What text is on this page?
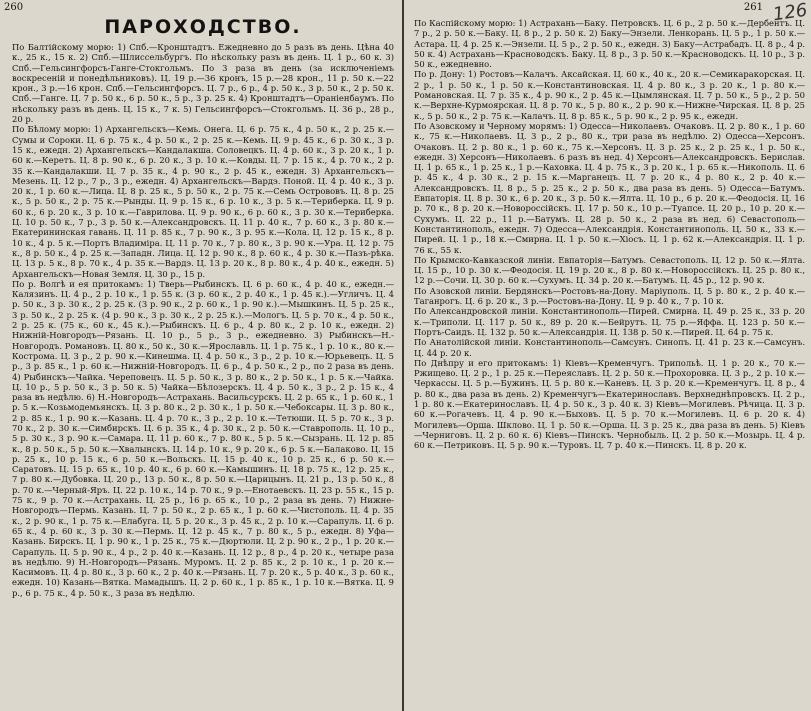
260
ПАРОХОДСТВО.

По Балтійскому морю: 1) Спб.—Кронштадтъ. Ежедневно до 5 разъ въ день. Цѣна 40 к., 25 к., 15 к. 2) Спб.—Шлиссельбургъ. По нѣскольку разъ въ день. Ц. 1 р., 60 к. 3) Спб.—Гельсингфорсъ-Ганге-Стокгольмъ. По 3 раза въ день (за исключеніемъ воскресеній и понедѣльниковъ). Ц. 19 р.—36 кронъ, 15 р.—28 крон., 11 р. 50 к.—22 крон., 3 р.—16 крон. Спб.—Гельсингфорсъ. Ц. 7 р., 6 р., 4 р. 50 к., 3 р. 50 к., 2 р. 50 к. Спб.—Ганге. Ц. 7 р. 50 к., 6 р. 50 к., 5 р., 3 р. 25 к. 4) Кронштадтъ—Ораніенбаумъ. По нѣскольку разъ въ день. Ц. 15 к., 7 к. 5) Гельсингфорсъ—Стокгольмъ. Ц. 36 р., 28 р., 20 р.

По Бѣлому морю: 1) Архангельскъ—Кемь. Онега. Ц. 6 р. 75 к., 4 р. 50 к., 2 р. 25 к.—Сумы и Сороки. Ц. 6 р. 75 к., 4 р. 50 к., 2 р. 25 к.—Кемь. Ц. 9 р. 45 к., 6 р. 30 к., 3 р. 15 к., ежедн. 2) Архангельскъ—Кандалакша. Соловецкъ. Ц. 4 р. 60 к., 3 р. 20 к., 1 р. 60 к.—Керетъ. Ц. 8 р. 90 к., 6 р. 20 к., 3 р. 10 к.—Ковды. Ц. 7 р. 15 к., 4 р. 70 к., 2 р. 35 к.—Кандалакши. Ц. 7 р. 35 к., 4 р. 90 к., 2 р. 45 к., ежедн. 3) Архангельскъ—Мезень. Ц. 12 р., 7 р., 3 р., ежедн. 4) Архангельскъ—Вардэ. Поной. Ц. 4 р. 40 к., 3 р. 20 к., 1 р. 60 к.—Лица. Ц. 8 р. 25 к., 5 р. 50 к., 2 р. 75 к.—Семь Острововъ. Ц. 8 р. 25 к., 5 р. 50 к., 2 р. 75 к.—Рынды. Ц. 9 р. 15 к., 6 р. 10 к., 3 р. 5 к.—Териберка. Ц. 9 р. 60 к., 6 р. 20 к., 3 р. 10 к.—Гаврилова. Ц. 9 р. 90 к., 6 р. 60 к., 3 р. 30 к.—Териберка. Ц. 10 р. 50 к., 7 р., 3 р. 50 к.—Александровскъ. Ц. 11 р. 40 к., 7 р. 60 к., 3 р. 80 к.—Екатерининская гавань. Ц. 11 р. 85 к., 7 р. 90 к., 3 р. 95 к.—Кола. Ц. 12 р. 15 к., 8 р. 10 к., 4 р. 5 к.—Портъ Владиміра. Ц. 11 р. 70 к., 7 р. 80 к., 3 р. 90 к.—Ура. Ц. 12 р. 75 к., 8 р. 50 к., 4 р. 25 к.—Западн. Лица. Ц. 12 р. 90 к., 8 р. 60 к., 4 р. 30 к.—Пазъ-рѣка. Ц. 13 р. 5 к., 8 р. 70 к., 4 р. 35 к.—Вардэ. Ц. 13 р. 20 к., 8 р. 80 к., 4 р. 40 к., ежедн. 5) Архангельскъ—Новая Земля. Ц. 30 р., 15 р.

По р. Волгѣ и ея притокамъ: 1) Тверь—Рыбинскъ. Ц. 6 р. 60 к., 4 р. 40 к., ежедн.—Калязинъ. Ц. 4 р., 2 р. 10 к., 1 р. 55 к. (3 р. 60 к., 2 р. 40 к., 1 р. 45 к.).—Угличъ. Ц. 4 р. 50 к., 3 р. 30 к., 2 р. 25 к. (3 р. 90 к., 2 р. 60 к., 1 р. 90 к.).—Мышкинъ. Ц. 5 р. 25 к., 3 р. 50 к., 2 р. 25 к. (4 р. 90 к., 3 р. 30 к., 2 р. 25 к.).—Мологъ. Ц. 5 р. 70 к., 4 р. 50 к., 2 р. 25 к. (75 к., 60 к., 45 к.).—Рыбинскъ. Ц. 6 р., 4 р. 80 к., 2 р. 10 к., ежедн. 2) Нижній-Новгородъ—Рязань. Ц. 10 р., 5 р., 3 р., ежедневно. 3) Рыбинскъ—Н.-Новгородъ. Романовъ. Ц. 80 к., 50 к., 30 к.—Ярославль. Ц. 1 р. 75 к., 1 р. 10 к., 80 к.—Кострома. Ц. 3 р., 2 р. 90 к.—Кинешма. Ц. 4 р. 50 к., 3 р., 2 р. 10 к.—Юрьевецъ. Ц. 5 р., 3 р. 85 к., 1 р. 60 к.—Нижній-Новгородъ. Ц. 6 р., 4 р. 50 к., 2 р., по 2 раза въ день. 4) Рыбинскъ—Чайка. Череповецъ. Ц. 5 р. 50 к., 3 р. 80 к., 2 р. 50 к., 1 р. 5 к.—Чайка. Ц. 10 р., 5 р. 50 к., 3 р. 50 к. 5) Чайка—Бѣлозерскъ. Ц. 4 р. 50 к., 3 р., 2 р. 15 к., 4 раза въ недѣлю. 6) Н.-Новгородъ—Астрахань. Васильсурскъ. Ц. 2 р. 65 к., 1 р. 60 к., 1 р. 5 к.—Козьмодемьянскъ. Ц. 3 р. 80 к., 2 р. 30 к., 1 р. 50 к.—Чебоксары. Ц. 3 р. 80 к., 2 р. 85 к., 1 р. 90 к.—Казань. Ц. 4 р. 70 к., 3 р., 2 р. 10 к.—Тетюши. Ц. 5 р. 70 к., 3 р. 70 к., 2 р. 30 к.—Симбирскъ. Ц. 6 р. 35 к., 4 р. 30 к., 2 р. 50 к.—Ставрополь. Ц. 10 р., 5 р. 30 к., 3 р. 90 к.—Самара. Ц. 11 р. 60 к., 7 р. 80 к., 5 р. 5 к.—Сызрань. Ц. 12 р. 85 к., 8 р. 50 к., 5 р. 50 к.—Хвалынскъ. Ц. 14 р. 10 к., 9 р. 20 к., 6 р. 5 к.—Балаково. Ц. 15 р. 25 к., 10 р. 15 к., 6 р. 50 к.—Вольскъ. Ц. 15 р. 40 к., 10 р. 25 к., 6 р. 50 к.—Саратовъ. Ц. 15 р. 65 к., 10 р. 40 к., 6 р. 60 к.—Камышинъ. Ц. 18 р. 75 к., 12 р. 25 к., 7 р. 80 к.—Дубовка. Ц. 20 р., 13 р. 50 к., 8 р. 50 к.—Царицынъ. Ц. 21 р., 13 р. 50 к., 8 р. 70 к.—Черный-Яръ. Ц. 22 р. 10 к., 14 р. 70 к., 9 р.—Енотаевскъ. Ц. 23 р. 55 к., 15 р. 75 к., 9 р. 70 к.—Астрахань. Ц. 25 р., 16 р. 65 к., 10 р., 2 раза въ день. 7) Нижне-Новгородъ—Пермь. Казань. Ц. 7 р. 50 к., 2 р. 65 к., 1 р. 60 к.—Чистополь. Ц. 4 р. 35 к., 2 р. 90 к., 1 р. 75 к.—Елабуга. Ц. 5 р. 20 к., 3 р. 45 к., 2 р. 10 к.—Сарапуль. Ц. 6 р. 65 к., 4 р. 60 к., 3 р. 30 к.—Пермь. Ц. 12 р. 45 к., 7 р. 80 к., 5 р., ежедн. 8) Уфа—Казань. Бирскъ. Ц. 1 р. 90 к., 1 р. 25 к., 75 к.—Дюртюли. Ц. 2 р. 90 к., 2 р., 1 р. 20 к.—Сарапуль. Ц. 5 р. 90 к., 4 р., 2 р. 40 к.—Казань. Ц. 12 р., 8 р., 4 р. 20 к., четыре раза въ недѣлю. 9) Н.-Новгородъ—Рязань. Муромъ. Ц. 2 р. 85 к., 2 р. 10 к., 1 р. 20 к.—Касимовъ. Ц. 4 р. 80 к., 3 р. 60 к., 2 р. 40 к.—Рязань. Ц. 7 р. 20 к., 5 р. 40 к., 3 р. 60 к., ежедн. 10) Казань—Вятка. Мамадышъ. Ц. 2 р. 60 к., 1 р. 85 к., 1 р. 10 к.—Вятка. Ц. 9 р., 6 р. 75 к., 4 р. 50 к., 3 раза въ недѣлю.

261 126

По Каспійскому морю: 1) Астрахань—Баку. Петровскъ. Ц. 6 р., 2 р. 50 к.—Дербентъ. Ц. 7 р., 2 р. 50 к.—Баку. Ц. 8 р., 2 р. 50 к. 2) Баку—Энзели. Ленкорань. Ц. 5 р., 1 р. 50 к.—Астара. Ц. 4 р. 25 к.—Энзели. Ц. 5 р., 2 р. 50 к., ежедн. 3) Баку—Астрабадъ. Ц. 8 р., 4 р. 50 к. 4) Астрахань—Красноводскъ. Баку. Ц. 8 р., 3 р. 50 к.—Красноводскъ. Ц. 10 р., 3 р. 50 к., ежедневно.

По р. Дону: 1) Ростовъ—Калачъ. Аксайская. Ц. 60 к., 40 к., 20 к.—Семикаракорская. Ц. 2 р., 1 р. 50 к., 1 р. 50 к.—Константиновская. Ц. 4 р. 80 к., 3 р. 20 к., 1 р. 80 к.—Романовская. Ц. 7 р. 35 к., 4 р. 90 к., 2 р. 45 к.—Цымлянская. Ц. 7 р. 50 к., 5 р., 2 р. 50 к.—Верхне-Курмоярская. Ц. 8 р. 70 к., 5 р. 80 к., 2 р. 90 к.—Нижне-Чирская. Ц. 8 р. 25 к., 5 р. 50 к., 2 р. 75 к.—Калачъ. Ц. 8 р. 85 к., 5 р. 90 к., 2 р. 95 к., ежедн.

По Азовскому и Черному морямъ: 1) Одесса—Николаевъ. Очаковъ. Ц. 2 р. 80 к., 1 р. 60 к., 75 к.—Николаевъ. Ц. 3 р., 2 р., 80 к., три раза въ недѣлю. 2) Одесса—Херсонъ. Очаковъ. Ц. 2 р. 80 к., 1 р. 60 к., 75 к.—Херсонъ. Ц. 3 р. 25 к., 2 р. 25 к., 1 р. 50 к., ежедн. 3) Херсонъ—Николаевъ. 6 разъ въ нед. 4) Херсонъ—Александровскъ. Берислав. Ц. 1 р. 65 к., 1 р. 25 к., 1 р.—Каховка. Ц. 4 р. 75 к., 3 р. 20 к., 1 р. 65 к.—Никополь. Ц. 6 р. 45 к., 4 р. 30 к., 2 р. 15 к.—Марганецъ. Ц. 7 р. 20 к., 4 р. 80 к., 2 р. 40 к.—Александровскъ. Ц. 8 р., 5 р. 25 к., 2 р. 50 к., два раза въ день. 5) Одесса—Батумъ. Евпаторія. Ц. 8 р. 30 к., 6 р. 20 к., 3 р. 50 к.—Ялта. Ц. 10 р., 6 р. 20 к.—Феодосія. Ц. 16 р. 70 к., 8 р. 20 к.—Новороссійскъ. Ц. 17 р. 50 к., 10 р.—Туапсе. Ц. 20 р., 10 р. 20 к.—Сухумъ. Ц. 22 р., 11 р.—Батумъ. Ц. 28 р. 50 к., 2 раза въ нед. 6) Севастополь—Константинополь, ежедн. 7) Одесса—Александрія. Константинополь. Ц. 50 к., 33 к.—Пирей. Ц. 1 р., 18 к.—Смирна. Ц. 1 р. 50 к.—Хіосъ. Ц. 1 р. 62 к.—Александрія. Ц. 1 р. 76 к., 55 к.

По Крымско-Кавказской линіи. Евпаторія—Батумъ. Севастополь. Ц. 12 р. 50 к.—Ялта. Ц. 15 р., 10 р. 30 к.—Феодосія. Ц. 19 р. 20 к., 8 р. 80 к.—Новороссійскъ. Ц. 25 р. 80 к., 12 р.—Сочи. Ц. 30 р. 60 к.—Сухумъ. Ц. 34 р. 20 к.—Батумъ. Ц. 45 р., 12 р. 90 к.

По Азовской линіи. Бердянскъ—Ростовъ-на-Дону. Маріуполь. Ц. 5 р. 80 к., 2 р. 40 к.—Таганрогъ. Ц. 6 р. 20 к., 3 р.—Ростовъ-на-Дону. Ц. 9 р. 40 к., 7 р. 10 к.

По Александровской линіи. Константинополь—Пирей. Смирна. Ц. 49 р. 25 к., 33 р. 20 к.—Триполи. Ц. 117 р. 50 к., 89 р. 20 к.—Бейрутъ. Ц. 75 р.—Яффа. Ц. 123 р. 50 к.—Портъ-Саидъ. Ц. 132 р. 50 к.—Александрія. Ц. 138 р. 50 к.—Пирей. Ц. 64 р. 75 к.

По Анатолійской линіи. Константинополь—Самсунъ. Синопъ. Ц. 41 р. 23 к.—Самсунъ. Ц. 44 р. 20 к.

По Днѣпру и его притокамъ: 1) Кіевъ—Кременчугъ. Трипольѣ. Ц. 1 р. 20 к., 70 к.—Ржищево. Ц. 2 р., 1 р. 25 к.—Переяславъ. Ц. 2 р. 50 к.—Прохоровка. Ц. 3 р., 2 р. 10 к.—Черкассы. Ц. 5 р.—Бужинъ. Ц. 5 р. 80 к.—Каневъ. Ц. 3 р. 20 к.—Кременчугъ. Ц. 8 р., 4 р. 80 к., два раза въ день. 2) Кременчугъ—Екатеринославъ. Верхнеднѣпровскъ. Ц. 2 р., 1 р. 80 к.—Екатеринославъ. Ц. 4 р. 50 к., 3 р. 40 к. 3) Кіевъ—Могилевъ. Рѣчица. Ц. 3 р. 60 к.—Рогачевъ. Ц. 4 р. 90 к.—Быховъ. Ц. 5 р. 70 к.—Могилевъ. Ц. 6 р. 20 к. 4) Могилевъ—Орша. Шклово. Ц. 1 р. 50 к.—Орша. Ц. 3 р. 25 к., два раза въ день. 5) Кіевъ—Черниговъ. Ц. 2 р. 60 к. 6) Кіевъ—Пинскъ. Чернобыль. Ц. 2 р. 50 к.—Мозырь. Ц. 4 р. 60 к.—Петриковъ. Ц. 5 р. 90 к.—Туровъ. Ц. 7 р. 40 к.—Пинскъ. Ц. 8 р. 20 к.
